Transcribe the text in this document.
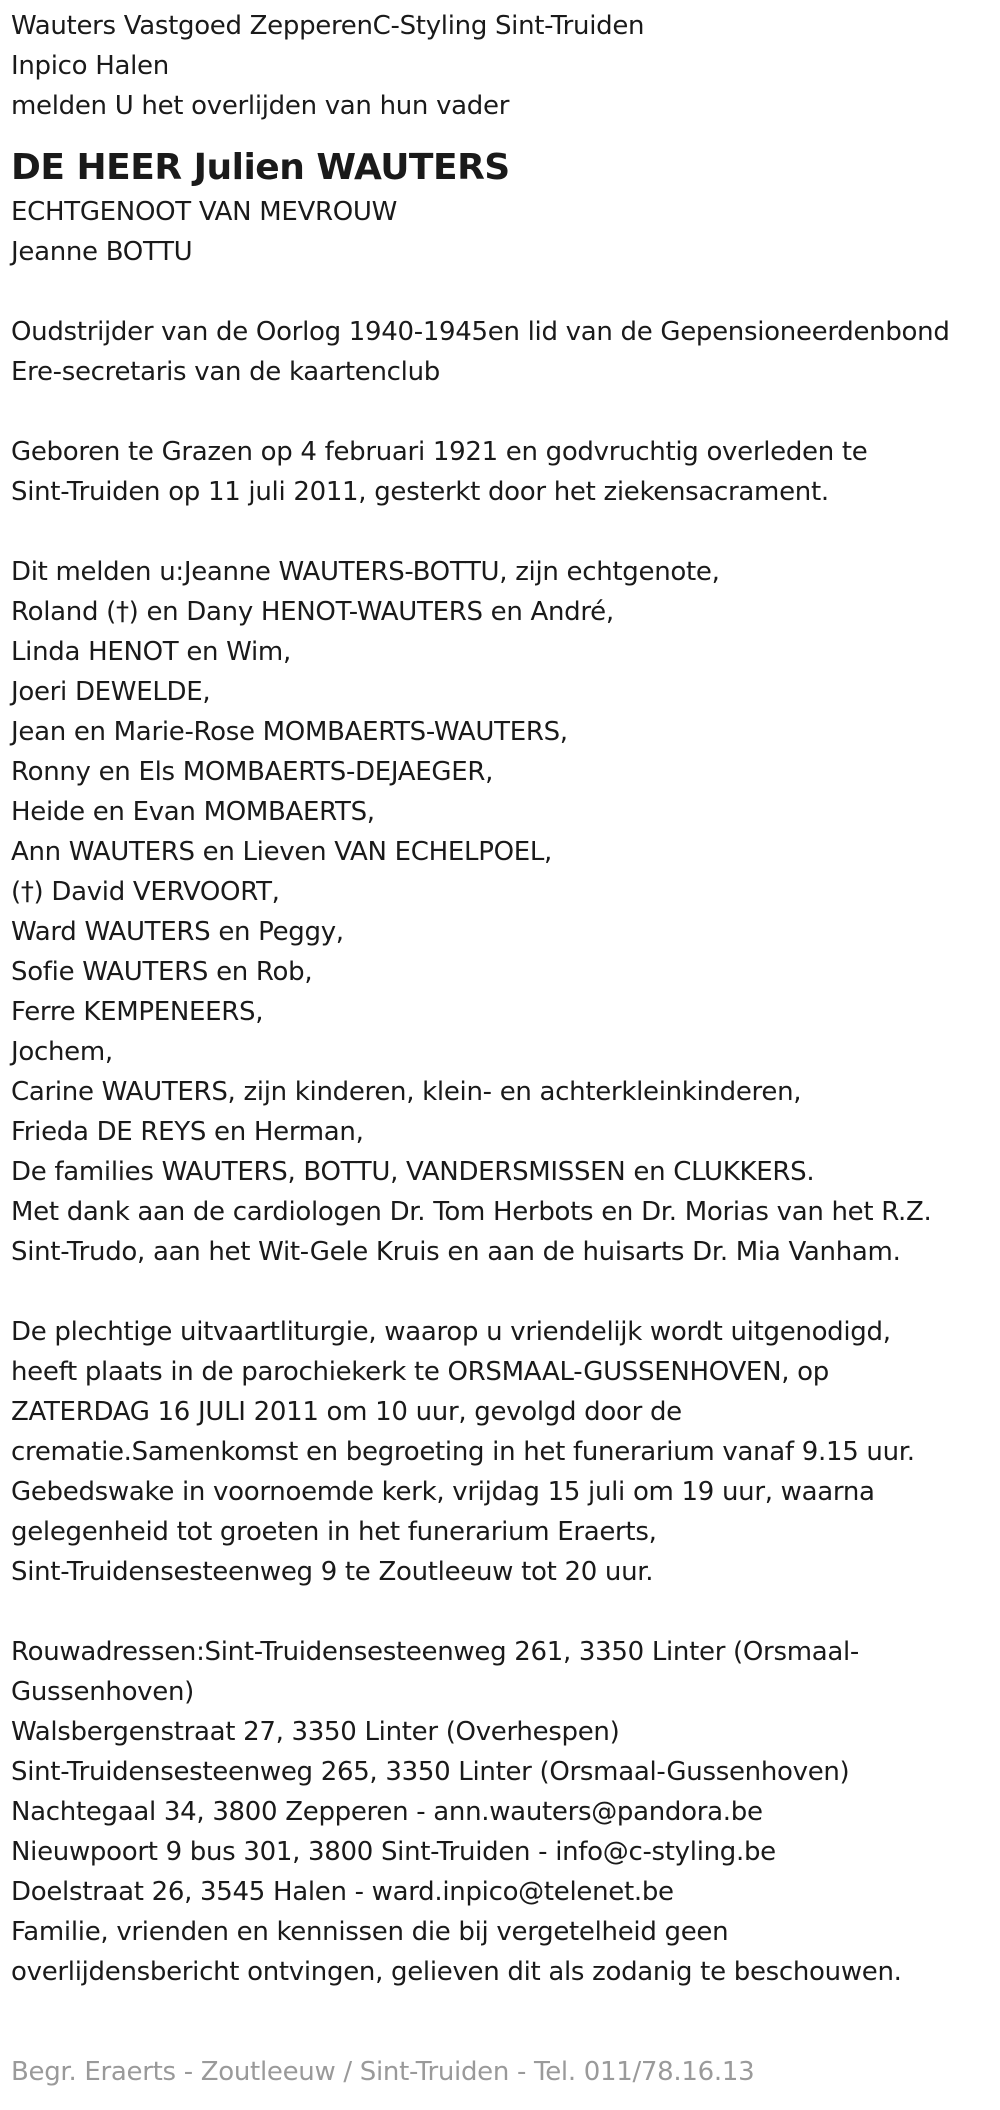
Wauters Vastgoed ZepperenC-Styling Sint-Truiden
Inpico Halen
melden U het overlijden van hun vader
DE HEER Julien WAUTERS
ECHTGENOOT VAN MEVROUW
Jeanne BOTTU
Oudstrijder van de Oorlog 1940-1945en lid van de Gepensioneerdenbond
Ere-secretaris van de kaartenclub
Geboren te Grazen op 4 februari 1921 en godvruchtig overleden te
Sint-Truiden op 11 juli 2011, gesterkt door het ziekensacrament.
Dit melden u:Jeanne WAUTERS-BOTTU, zijn echtgenote,
Roland (†) en Dany HENOT-WAUTERS en André,
Linda HENOT en Wim,
Joeri DEWELDE,
Jean en Marie-Rose MOMBAERTS-WAUTERS,
Ronny en Els MOMBAERTS-DEJAEGER,
Heide en Evan MOMBAERTS,
Ann WAUTERS en Lieven VAN ECHELPOEL,
(†) David VERVOORT,
Ward WAUTERS en Peggy,
Sofie WAUTERS en Rob,
Ferre KEMPENEERS,
Jochem,
Carine WAUTERS, zijn kinderen, klein- en achterkleinkinderen,
Frieda DE REYS en Herman,
De families WAUTERS, BOTTU, VANDERSMISSEN en CLUKKERS.
Met dank aan de cardiologen Dr. Tom Herbots en Dr. Morias van het R.Z.
Sint-Trudo, aan het Wit-Gele Kruis en aan de huisarts Dr. Mia Vanham.
De plechtige uitvaartliturgie, waarop u vriendelijk wordt uitgenodigd,
heeft plaats in de parochiekerk te ORSMAAL-GUSSENHOVEN, op
ZATERDAG 16 JULI 2011 om 10 uur, gevolgd door de
crematie.Samenkomst en begroeting in het funerarium vanaf 9.15 uur.
Gebedswake in voornoemde kerk, vrijdag 15 juli om 19 uur, waarna
gelegenheid tot groeten in het funerarium Eraerts,
Sint-Truidensesteenweg 9 te Zoutleeuw tot 20 uur.
Rouwadressen:Sint-Truidensesteenweg 261, 3350 Linter (Orsmaal-
Gussenhoven)
Walsbergenstraat 27, 3350 Linter (Overhespen)
Sint-Truidensesteenweg 265, 3350 Linter (Orsmaal-Gussenhoven)
Nachtegaal 34, 3800 Zepperen - ann.wauters@pandora.be
Nieuwpoort 9 bus 301, 3800 Sint-Truiden - info@c-styling.be
Doelstraat 26, 3545 Halen - ward.inpico@telenet.be
Familie, vrienden en kennissen die bij vergetelheid geen
overlijdensbericht ontvingen, gelieven dit als zodanig te beschouwen.
Begr. Eraerts - Zoutleeuw / Sint-Truiden - Tel. 011/78.16.13
